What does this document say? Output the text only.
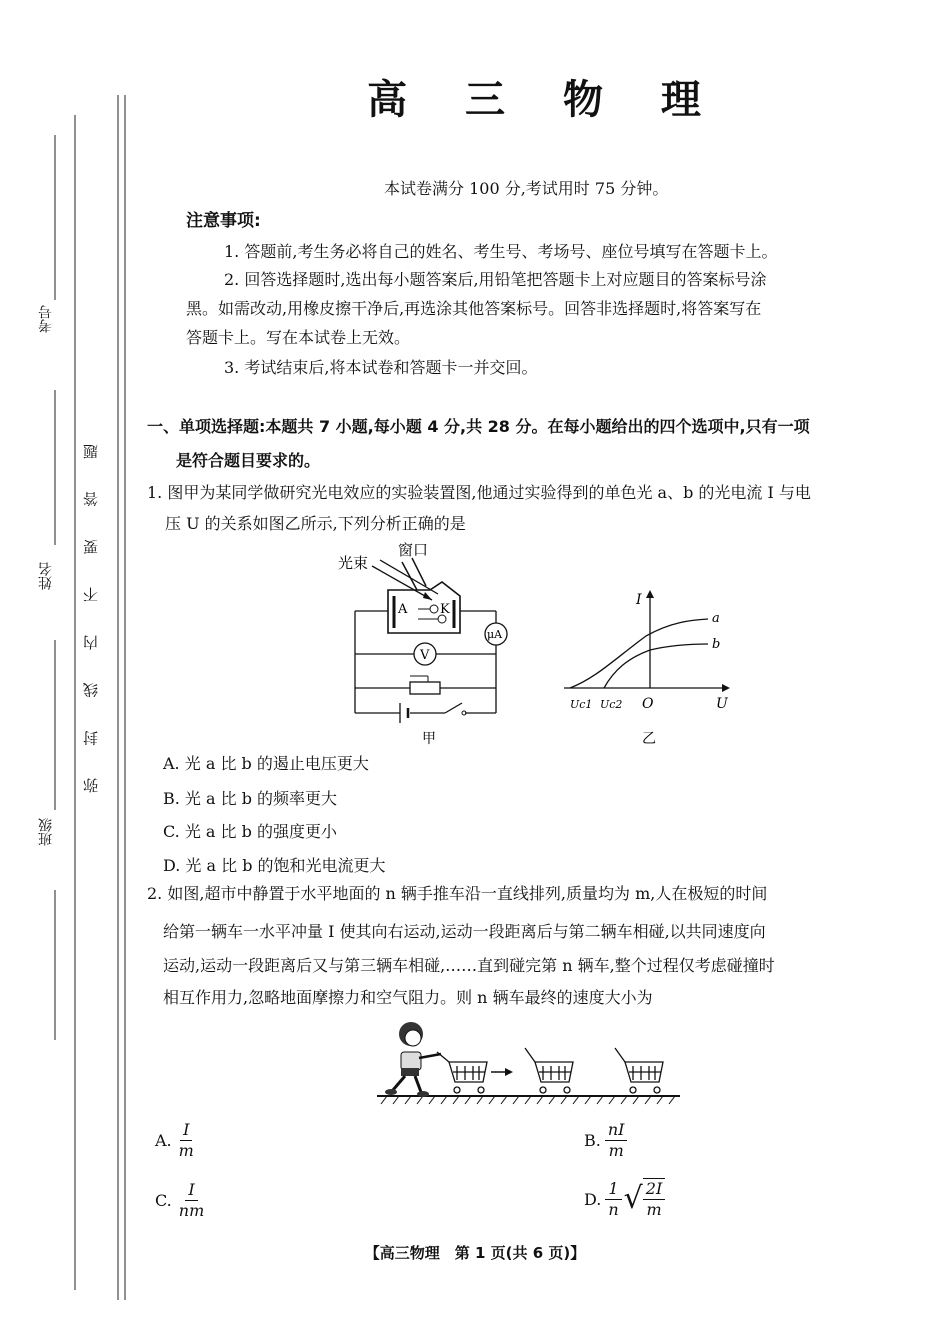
考号
姓名
班级
弥 封 线 内 不 要 答 题
高 三 物 理
本试卷满分 100 分,考试用时 75 分钟。
注意事项:
1. 答题前,考生务必将自己的姓名、考生号、考场号、座位号填写在答题卡上。
2. 回答选择题时,选出每小题答案后,用铅笔把答题卡上对应题目的答案标号涂
黑。如需改动,用橡皮擦干净后,再选涂其他答案标号。回答非选择题时,将答案写在
答题卡上。写在本试卷上无效。
3. 考试结束后,将本试卷和答题卡一并交回。
一、单项选择题:本题共 7 小题,每小题 4 分,共 28 分。在每小题给出的四个选项中,只有一项
是符合题目要求的。
1. 图甲为某同学做研究光电效应的实验装置图,他通过实验得到的单色光 a、b 的光电流 I 与电
压 U 的关系如图乙所示,下列分析正确的是
光束
窗口
A	K
μA
V
甲
I
U
O
a
b
Uc1 Uc2
乙
A. 光 a 比 b 的遏止电压更大
B. 光 a 比 b 的频率更大
C. 光 a 比 b 的强度更小
D. 光 a 比 b 的饱和光电流更大
2. 如图,超市中静置于水平地面的 n 辆手推车沿一直线排列,质量均为 m,人在极短的时间
给第一辆车一水平冲量 I 使其向右运动,运动一段距离后与第二辆车相碰,以共同速度向
运动,运动一段距离后又与第三辆车相碰,……直到碰完第 n 辆车,整个过程仅考虑碰撞时
相互作用力,忽略地面摩擦力和空气阻力。则 n 辆车最终的速度大小为
A. $\frac{I}{m}$	B. $\frac{nI}{m}$
C. $\frac{I}{nm}$	D. $\frac{1}{n}$ √ $\frac{2I}{m}$
【高三物理　第 1 页(共 6 页)】
